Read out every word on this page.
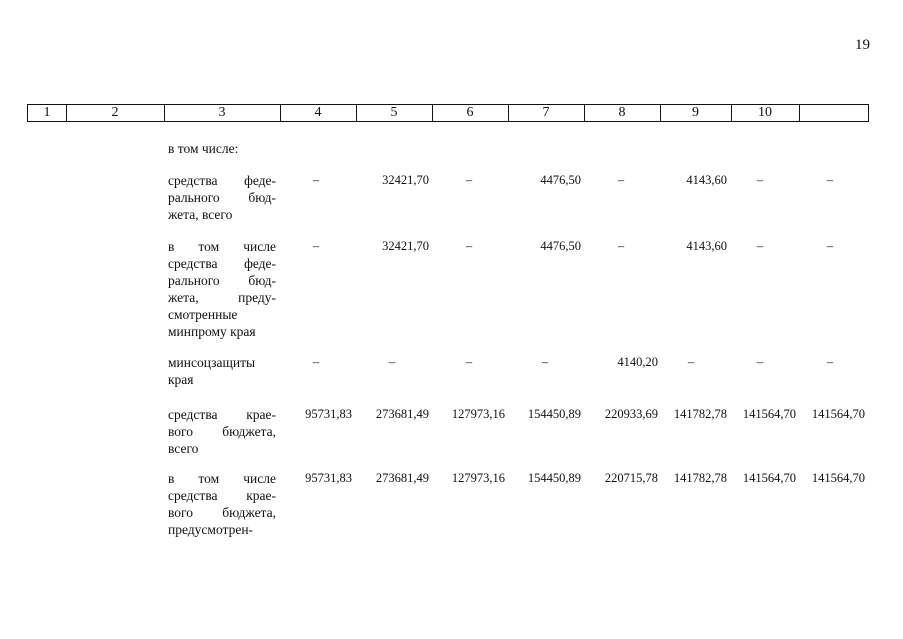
19
1	2	3	4	5	6	7	8	9	10
в том числе:
средства феде-
рального бюд-
жета, всего
–	32421,70	–	4476,50	–	4143,60	–	–
в том числе
средства феде-
рального бюд-
жета, преду-
смотренные
минпрому края
–	32421,70	–	4476,50	–	4143,60	–	–
минсоцзащиты
края
–	–	–	–	4140,20	–	–	–
средства крае-
вого бюджета,
всего
95731,83 273681,49 127973,16 154450,89 220933,69 141782,78 141564,70 141564,70
в том числе
средства крае-
вого бюджета,
предусмотрен-
95731,83 273681,49 127973,16 154450,89 220715,78 141782,78 141564,70 141564,70
